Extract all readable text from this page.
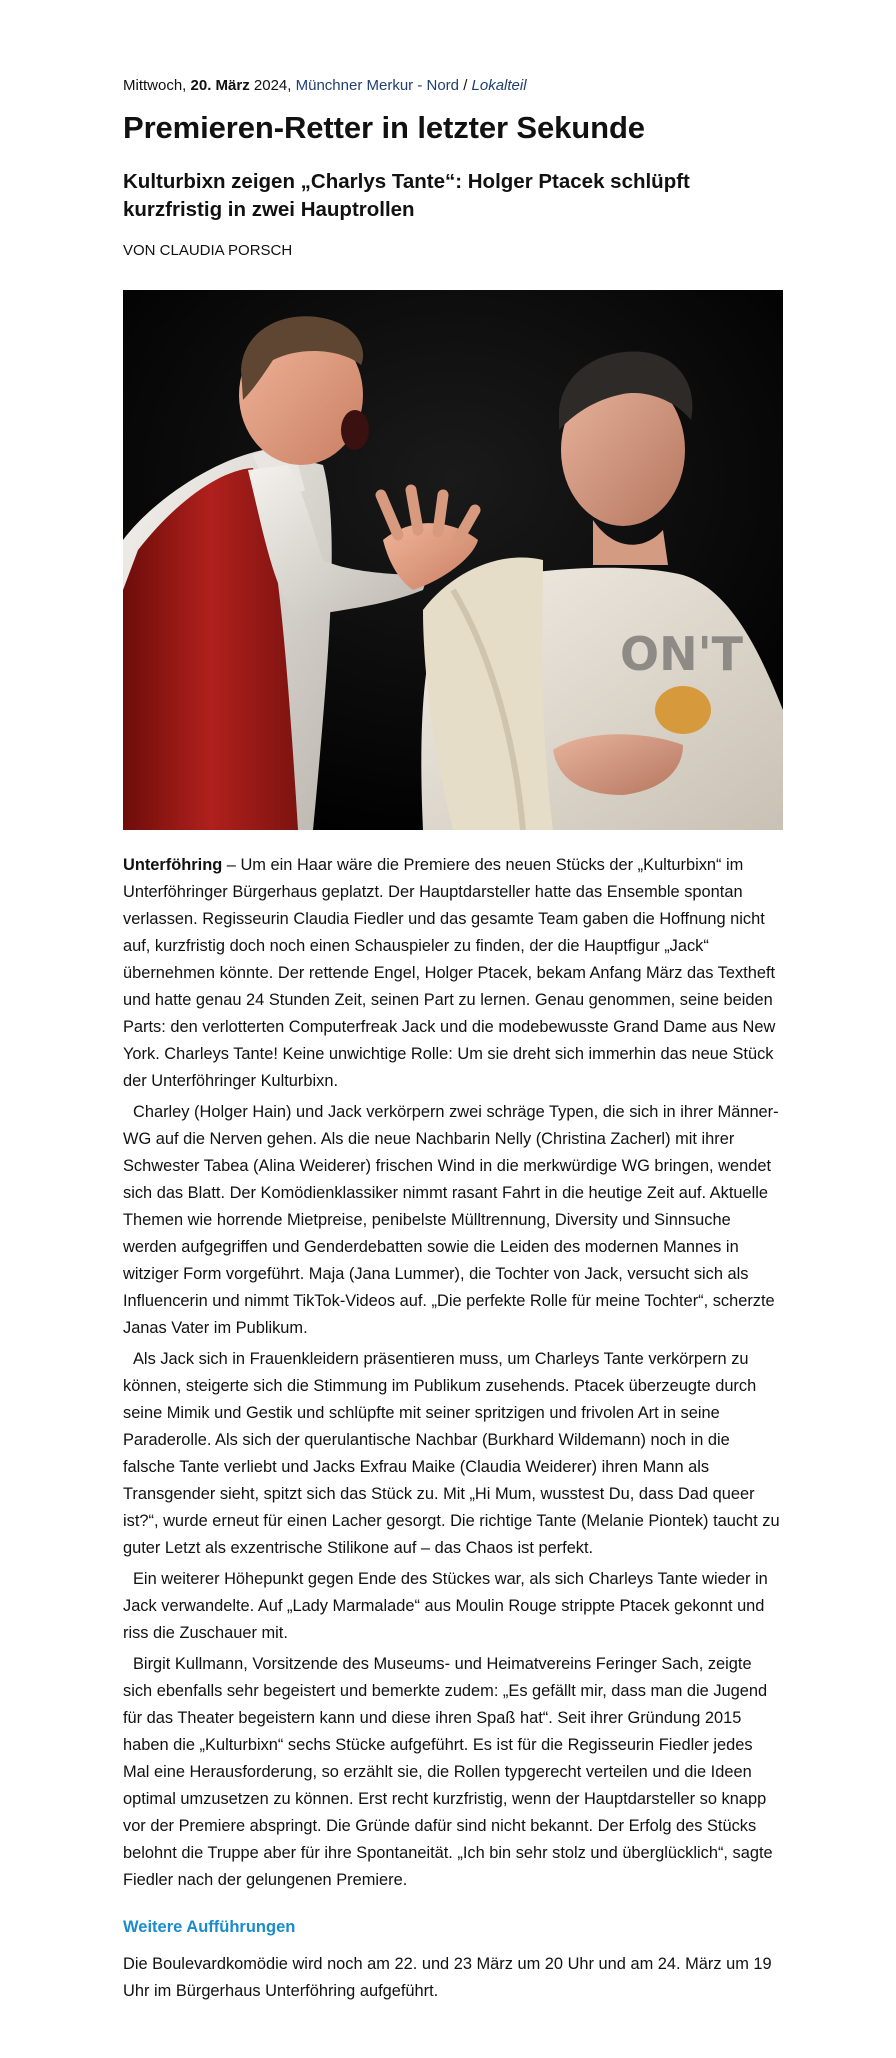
Mittwoch, 20. März 2024, Münchner Merkur - Nord / Lokalteil

Premieren-Retter in letzter Sekunde
Kulturbixn zeigen „Charlys Tante“: Holger Ptacek schlüpft kurzfristig in zwei Hauptrollen

VON CLAUDIA PORSCH

ON'T

Unterföhring – Um ein Haar wäre die Premiere des neuen Stücks der „Kulturbixn“ im Unterföhringer Bürgerhaus geplatzt. Der Hauptdarsteller hatte das Ensemble spontan verlassen. Regisseurin Claudia Fiedler und das gesamte Team gaben die Hoffnung nicht auf, kurzfristig doch noch einen Schauspieler zu finden, der die Hauptfigur „Jack“ übernehmen könnte. Der rettende Engel, Holger Ptacek, bekam Anfang März das Textheft und hatte genau 24 Stunden Zeit, seinen Part zu lernen. Genau genommen, seine beiden Parts: den verlotterten Computerfreak Jack und die modebewusste Grand Dame aus New York. Charleys Tante! Keine unwichtige Rolle: Um sie dreht sich immerhin das neue Stück der Unterföhringer Kulturbixn.

Charley (Holger Hain) und Jack verkörpern zwei schräge Typen, die sich in ihrer Männer-WG auf die Nerven gehen. Als die neue Nachbarin Nelly (Christina Zacherl) mit ihrer Schwester Tabea (Alina Weiderer) frischen Wind in die merkwürdige WG bringen, wendet sich das Blatt. Der Komödienklassiker nimmt rasant Fahrt in die heutige Zeit auf. Aktuelle Themen wie horrende Mietpreise, penibelste Mülltrennung, Diversity und Sinnsuche werden aufgegriffen und Genderdebatten sowie die Leiden des modernen Mannes in witziger Form vorgeführt. Maja (Jana Lummer), die Tochter von Jack, versucht sich als Influencerin und nimmt TikTok-Videos auf. „Die perfekte Rolle für meine Tochter“, scherzte Janas Vater im Publikum.

Als Jack sich in Frauenkleidern präsentieren muss, um Charleys Tante verkörpern zu können, steigerte sich die Stimmung im Publikum zusehends. Ptacek überzeugte durch seine Mimik und Gestik und schlüpfte mit seiner spritzigen und frivolen Art in seine Paraderolle. Als sich der querulantische Nachbar (Burkhard Wildemann) noch in die falsche Tante verliebt und Jacks Exfrau Maike (Claudia Weiderer) ihren Mann als Transgender sieht, spitzt sich das Stück zu. Mit „Hi Mum, wusstest Du, dass Dad queer ist?“, wurde erneut für einen Lacher gesorgt. Die richtige Tante (Melanie Piontek) taucht zu guter Letzt als exzentrische Stilikone auf – das Chaos ist perfekt.

Ein weiterer Höhepunkt gegen Ende des Stückes war, als sich Charleys Tante wieder in Jack verwandelte. Auf „Lady Marmalade“ aus Moulin Rouge strippte Ptacek gekonnt und riss die Zuschauer mit.

Birgit Kullmann, Vorsitzende des Museums- und Heimatvereins Feringer Sach, zeigte sich ebenfalls sehr begeistert und bemerkte zudem: „Es gefällt mir, dass man die Jugend für das Theater begeistern kann und diese ihren Spaß hat“. Seit ihrer Gründung 2015 haben die „Kulturbixn“ sechs Stücke aufgeführt. Es ist für die Regisseurin Fiedler jedes Mal eine Herausforderung, so erzählt sie, die Rollen typgerecht verteilen und die Ideen optimal umzusetzen zu können. Erst recht kurzfristig, wenn der Hauptdarsteller so knapp vor der Premiere abspringt. Die Gründe dafür sind nicht bekannt. Der Erfolg des Stücks belohnt die Truppe aber für ihre Spontaneität. „Ich bin sehr stolz und überglücklich“, sagte Fiedler nach der gelungenen Premiere.

Weitere Aufführungen

Die Boulevardkomödie wird noch am 22. und 23 März um 20 Uhr und am 24. März um 19 Uhr im Bürgerhaus Unterföhring aufgeführt.
